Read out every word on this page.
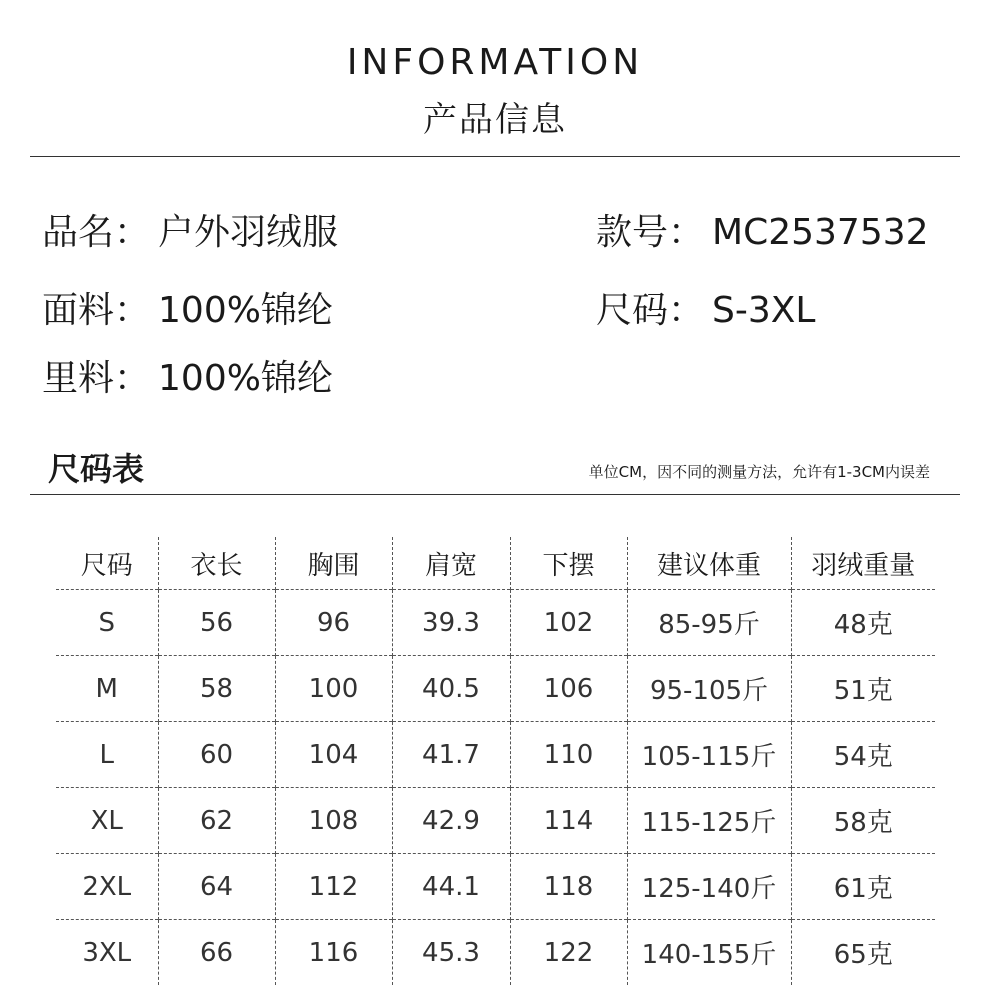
INFORMATION
产品信息
品名： 户外羽绒服	款号： MC2537532
面料： 100%锦纶	尺码： S-3XL
里料： 100%锦纶
尺码表	单位CM，因不同的测量方法，允许有1-3CM内误差
尺码	衣长	胸围	肩宽	下摆	建议体重	羽绒重量
S	56	96	39.3	102	85-95斤	48克
M	58	100	40.5	106	95-105斤	51克
L	60	104	41.7	110	105-115斤	54克
XL	62	108	42.9	114	115-125斤	58克
2XL	64	112	44.1	118	125-140斤	61克
3XL	66	116	45.3	122	140-155斤	65克
